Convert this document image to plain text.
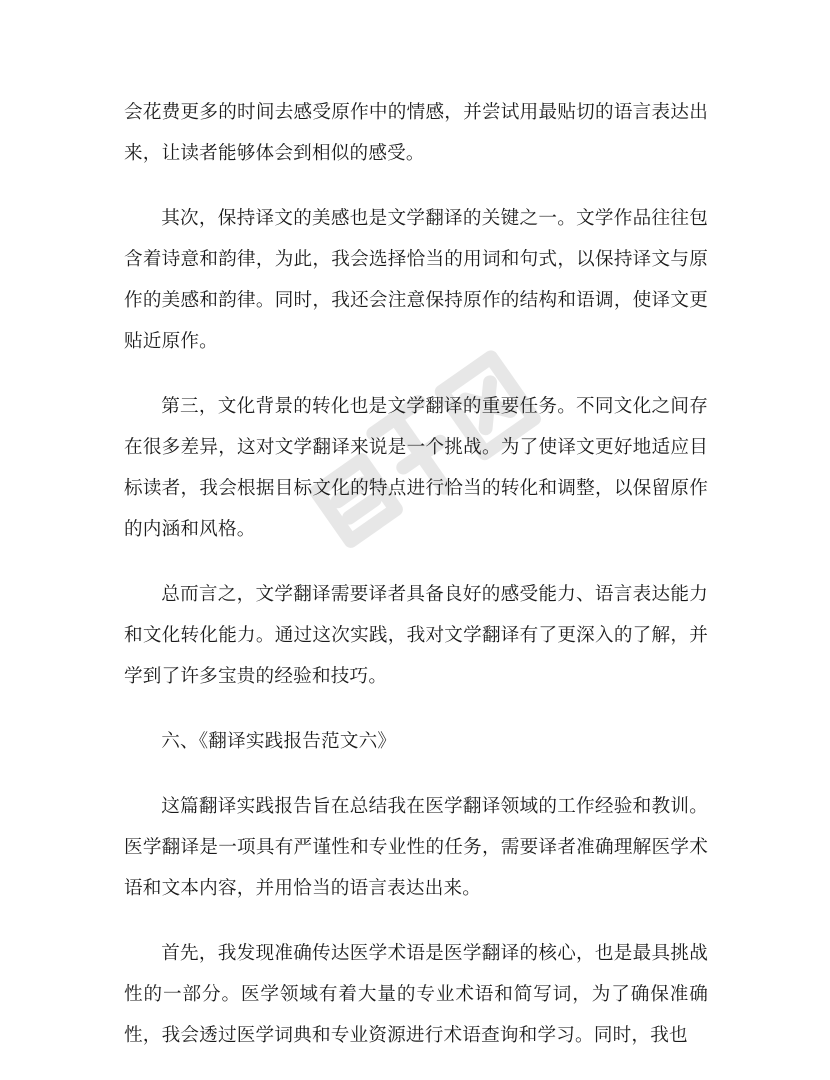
会花费更多的时间去感受原作中的情感，并尝试用最贴切的语言表达出来，让读者能够体会到相似的感受。

其次，保持译文的美感也是文学翻译的关键之一。文学作品往往包含着诗意和韵律，为此，我会选择恰当的用词和句式，以保持译文与原作的美感和韵律。同时，我还会注意保持原作的结构和语调，使译文更贴近原作。

第三，文化背景的转化也是文学翻译的重要任务。不同文化之间存在很多差异，这对文学翻译来说是一个挑战。为了使译文更好地适应目标读者，我会根据目标文化的特点进行恰当的转化和调整，以保留原作的内涵和风格。

总而言之，文学翻译需要译者具备良好的感受能力、语言表达能力和文化转化能力。通过这次实践，我对文学翻译有了更深入的了解，并学到了许多宝贵的经验和技巧。

六、《翻译实践报告范文六》

这篇翻译实践报告旨在总结我在医学翻译领域的工作经验和教训。医学翻译是一项具有严谨性和专业性的任务，需要译者准确理解医学术语和文本内容，并用恰当的语言表达出来。

首先，我发现准确传达医学术语是医学翻译的核心，也是最具挑战性的一部分。医学领域有着大量的专业术语和简写词，为了确保准确性，我会透过医学词典和专业资源进行术语查询和学习。同时，我也
